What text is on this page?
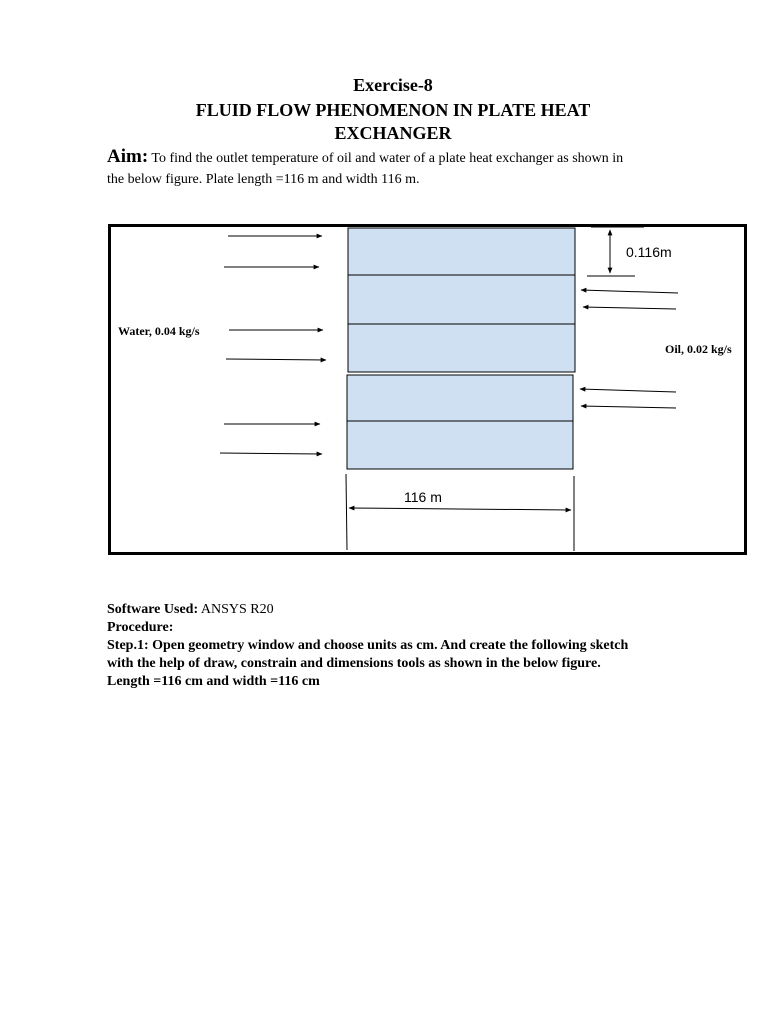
Exercise-8
FLUID FLOW PHENOMENON IN PLATE HEAT
EXCHANGER
Aim: To find the outlet temperature of oil and water of a plate heat exchanger as shown in
the below figure. Plate length =116 m and width 116 m.
0.116m
116 m
Water, 0.04 kg/s
Oil, 0.02 kg/s

Software Used: ANSYS R20

Procedure:

Step.1: Open geometry window and choose units as cm. And create the following sketch

with the help of draw, constrain and dimensions tools as shown in the below figure.

Length =116 cm and width =116 cm
